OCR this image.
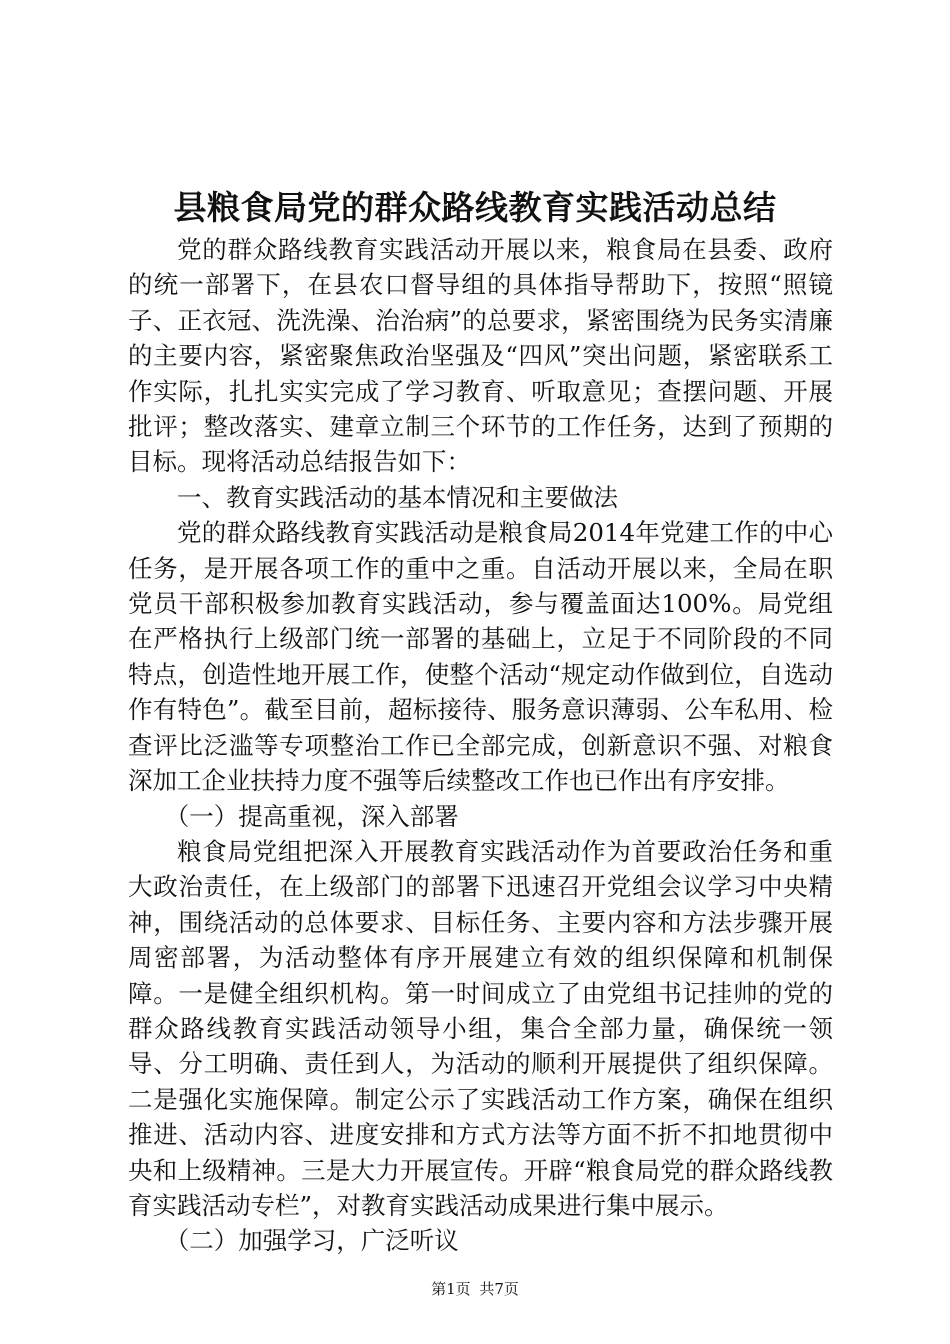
县粮食局党的群众路线教育实践活动总结

党的群众路线教育实践活动开展以来，粮食局在县委、政府的统一部署下，在县农口督导组的具体指导帮助下，按照“照镜子、正衣冠、洗洗澡、治治病”的总要求，紧密围绕为民务实清廉的主要内容，紧密聚焦政治坚强及“四风”突出问题，紧密联系工作实际，扎扎实实完成了学习教育、听取意见；查摆问题、开展批评；整改落实、建章立制三个环节的工作任务，达到了预期的目标。现将活动总结报告如下：

一、教育实践活动的基本情况和主要做法

党的群众路线教育实践活动是粮食局2014年党建工作的中心任务，是开展各项工作的重中之重。自活动开展以来，全局在职党员干部积极参加教育实践活动，参与覆盖面达100%。局党组在严格执行上级部门统一部署的基础上，立足于不同阶段的不同特点，创造性地开展工作，使整个活动“规定动作做到位，自选动作有特色”。截至目前，超标接待、服务意识薄弱、公车私用、检查评比泛滥等专项整治工作已全部完成，创新意识不强、对粮食深加工企业扶持力度不强等后续整改工作也已作出有序安排。

（一）提高重视，深入部署

粮食局党组把深入开展教育实践活动作为首要政治任务和重大政治责任，在上级部门的部署下迅速召开党组会议学习中央精神，围绕活动的总体要求、目标任务、主要内容和方法步骤开展周密部署，为活动整体有序开展建立有效的组织保障和机制保障。一是健全组织机构。第一时间成立了由党组书记挂帅的党的群众路线教育实践活动领导小组，集合全部力量，确保统一领导、分工明确、责任到人，为活动的顺利开展提供了组织保障。二是强化实施保障。制定公示了实践活动工作方案，确保在组织推进、活动内容、进度安排和方式方法等方面不折不扣地贯彻中央和上级精神。三是大力开展宣传。开辟“粮食局党的群众路线教育实践活动专栏”，对教育实践活动成果进行集中展示。

（二）加强学习，广泛听议

第1页 共7页
